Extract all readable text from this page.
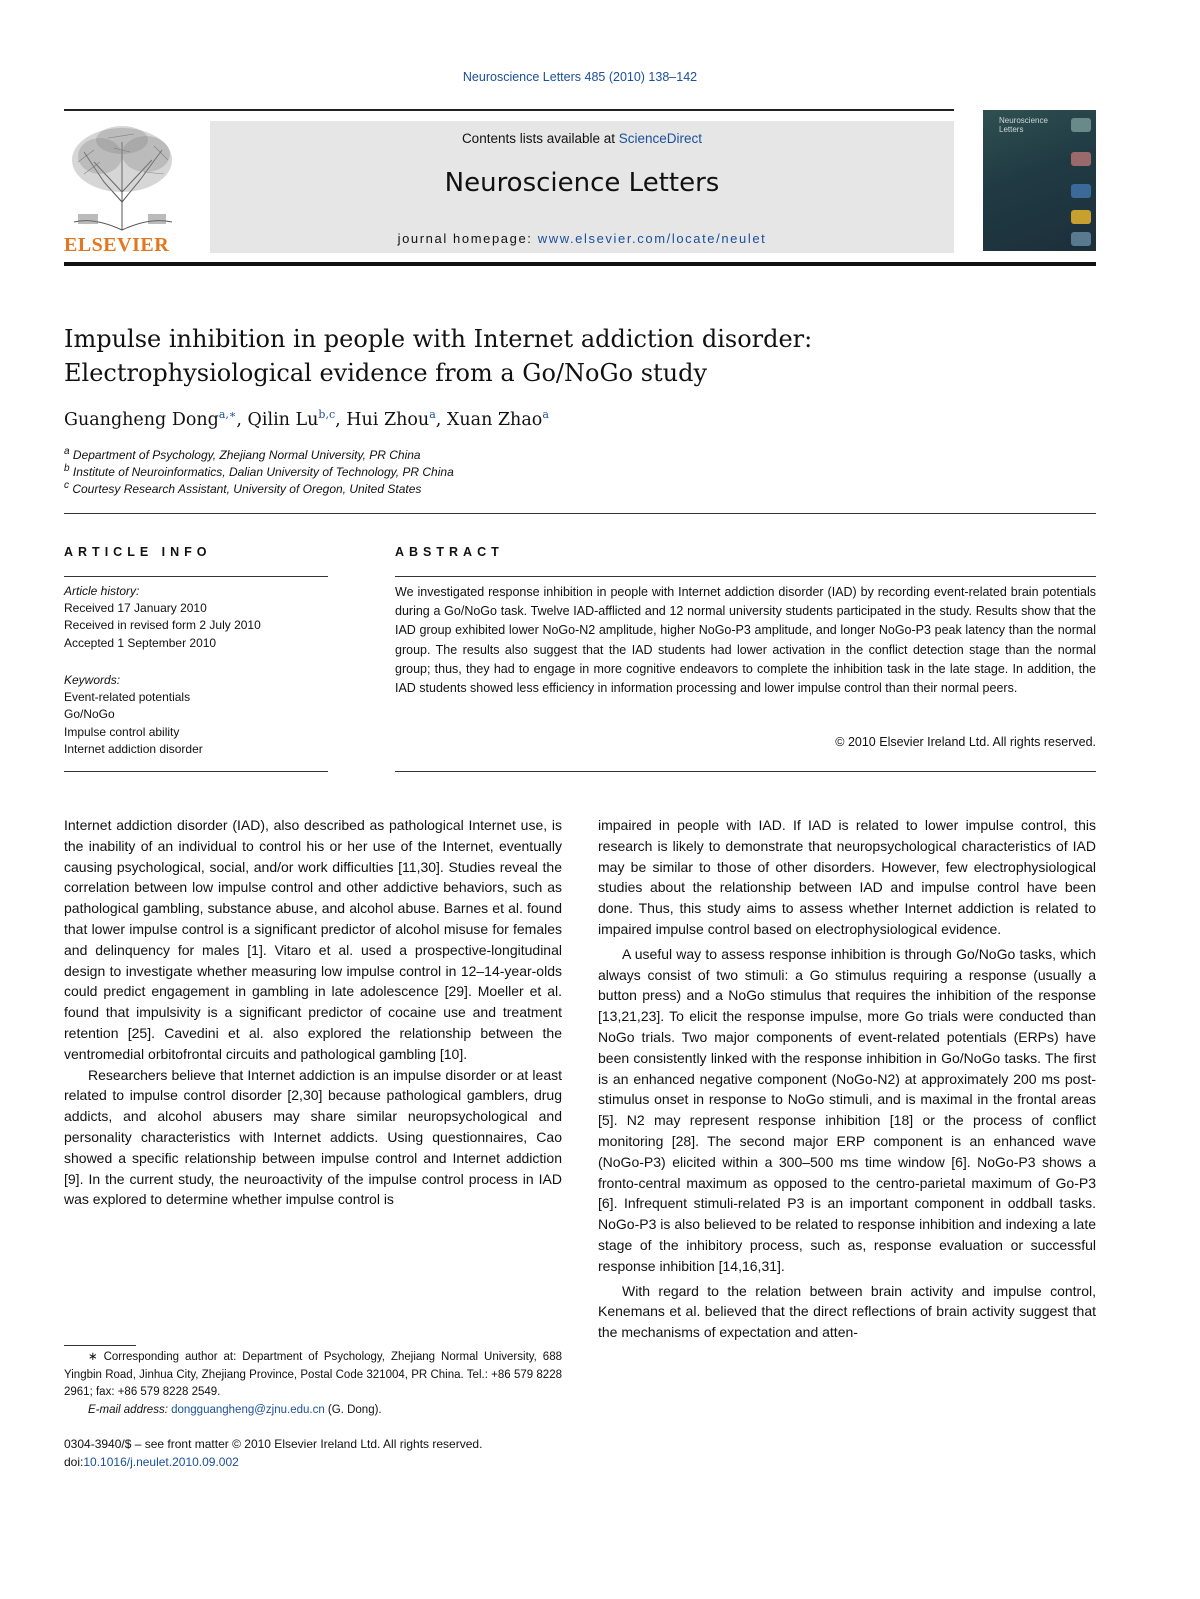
Neuroscience Letters 485 (2010) 138–142
ELSEVIER
Contents lists available at ScienceDirect
Neuroscience Letters
journal homepage: www.elsevier.com/locate/neulet
Neuroscience
Letters
Impulse inhibition in people with Internet addiction disorder:
Electrophysiological evidence from a Go/NoGo study
Guangheng Dong$^{a,∗}$, Qilin Lu$^{b,c}$, Hui Zhou$^a$, Xuan Zhao$^a$
$^a$ Department of Psychology, Zhejiang Normal University, PR China
$^b$ Institute of Neuroinformatics, Dalian University of Technology, PR China
$^c$ Courtesy Research Assistant, University of Oregon, United States
ARTICLE INFO	ABSTRACT
Article history:
Received 17 January 2010
Received in revised form 2 July 2010
Accepted 1 September 2010
Keywords:
Event-related potentials
Go/NoGo
Impulse control ability
Internet addiction disorder
We investigated response inhibition in people with Internet addiction disorder (IAD) by recording event-related brain potentials during a Go/NoGo task. Twelve IAD-afflicted and 12 normal university students participated in the study. Results show that the IAD group exhibited lower NoGo-N2 amplitude, higher NoGo-P3 amplitude, and longer NoGo-P3 peak latency than the normal group. The results also suggest that the IAD students had lower activation in the conflict detection stage than the normal group; thus, they had to engage in more cognitive endeavors to complete the inhibition task in the late stage. In addition, the IAD students showed less efficiency in information processing and lower impulse control than their normal peers.
© 2010 Elsevier Ireland Ltd. All rights reserved.

Internet addiction disorder (IAD), also described as pathological Internet use, is the inability of an individual to control his or her use of the Internet, eventually causing psychological, social, and/or work difficulties [11,30]. Studies reveal the correlation between low impulse control and other addictive behaviors, such as pathological gambling, substance abuse, and alcohol abuse. Barnes et al. found that lower impulse control is a significant predictor of alcohol misuse for females and delinquency for males [1]. Vitaro et al. used a prospective-longitudinal design to investigate whether measuring low impulse control in 12–14-year-olds could predict engagement in gambling in late adolescence [29]. Moeller et al. found that impulsivity is a significant predictor of cocaine use and treatment retention [25]. Cavedini et al. also explored the relationship between the ventromedial orbitofrontal circuits and pathological gambling [10].

Researchers believe that Internet addiction is an impulse disorder or at least related to impulse control disorder [2,30] because pathological gamblers, drug addicts, and alcohol abusers may share similar neuropsychological and personality characteristics with Internet addicts. Using questionnaires, Cao showed a specific relationship between impulse control and Internet addiction [9]. In the current study, the neuroactivity of the impulse control process in IAD was explored to determine whether impulse control is

impaired in people with IAD. If IAD is related to lower impulse control, this research is likely to demonstrate that neuropsychological characteristics of IAD may be similar to those of other disorders. However, few electrophysiological studies about the relationship between IAD and impulse control have been done. Thus, this study aims to assess whether Internet addiction is related to impaired impulse control based on electrophysiological evidence.

A useful way to assess response inhibition is through Go/NoGo tasks, which always consist of two stimuli: a Go stimulus requiring a response (usually a button press) and a NoGo stimulus that requires the inhibition of the response [13,21,23]. To elicit the response impulse, more Go trials were conducted than NoGo trials. Two major components of event-related potentials (ERPs) have been consistently linked with the response inhibition in Go/NoGo tasks. The first is an enhanced negative component (NoGo-N2) at approximately 200 ms post-stimulus onset in response to NoGo stimuli, and is maximal in the frontal areas [5]. N2 may represent response inhibition [18] or the process of conflict monitoring [28]. The second major ERP component is an enhanced wave (NoGo-P3) elicited within a 300–500 ms time window [6]. NoGo-P3 shows a fronto-central maximum as opposed to the centro-parietal maximum of Go-P3 [6]. Infrequent stimuli-related P3 is an important component in oddball tasks. NoGo-P3 is also believed to be related to response inhibition and indexing a late stage of the inhibitory process, such as, response evaluation or successful response inhibition [14,16,31].

With regard to the relation between brain activity and impulse control, Kenemans et al. believed that the direct reflections of brain activity suggest that the mechanisms of expectation and atten-

∗ Corresponding author at: Department of Psychology, Zhejiang Normal University, 688 Yingbin Road, Jinhua City, Zhejiang Province, Postal Code 321004, PR China. Tel.: +86 579 8228 2961; fax: +86 579 8228 2549.
E-mail address: dongguangheng@zjnu.edu.cn (G. Dong).
0304-3940/$ – see front matter © 2010 Elsevier Ireland Ltd. All rights reserved.
doi:10.1016/j.neulet.2010.09.002
